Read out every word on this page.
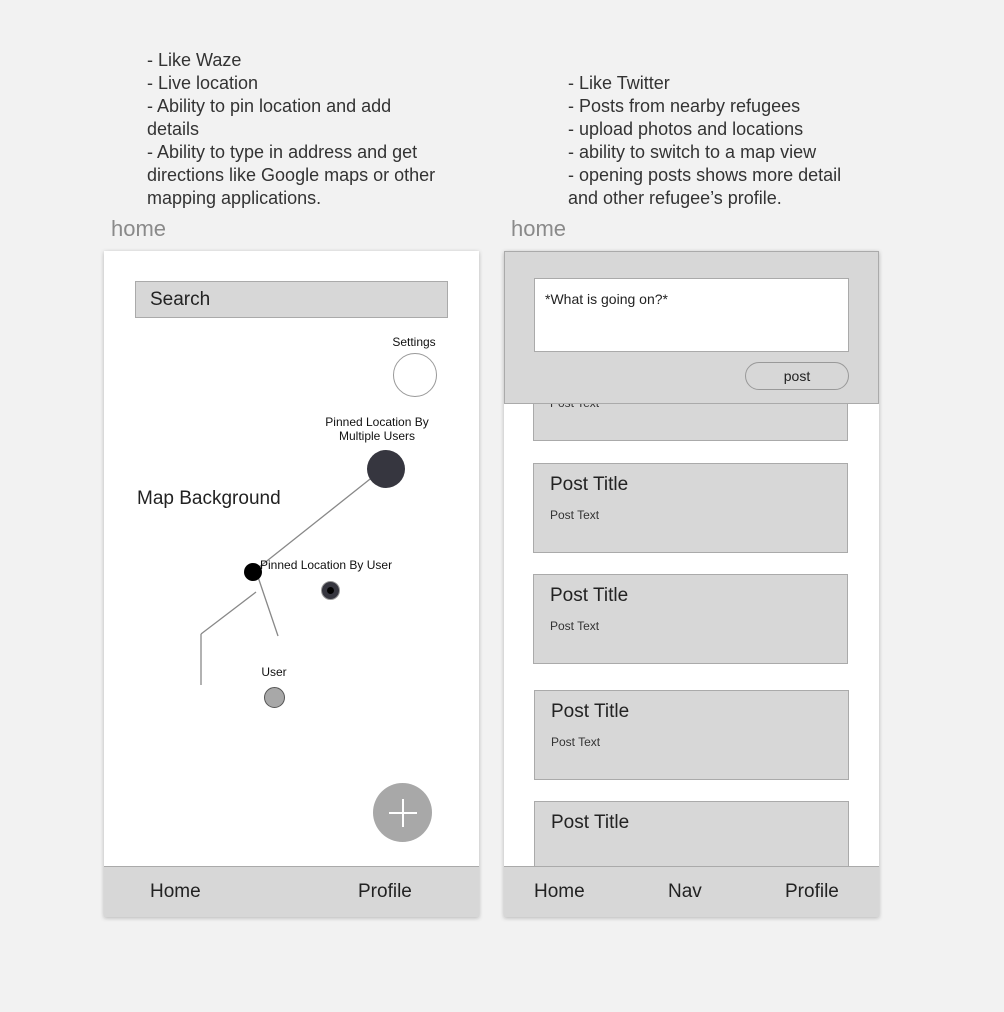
- Like Waze
- Live location
- Ability to pin location and add details
- Ability to type in address and get directions like Google maps or other mapping applications.
- Like Twitter
- Posts from nearby refugees
- upload photos and locations
- ability to switch to a map view
- opening posts shows more detail and other refugee’s profile.
home	home
Search
Settings
Pinned Location By Multiple Users
Map Background
Pinned Location By User
User
Home	Profile
Post Title
Post Text
Post Title
Post Text
Post Title
Post Text
Post Title
*What is going on?*
post
Home	Nav	Profile
